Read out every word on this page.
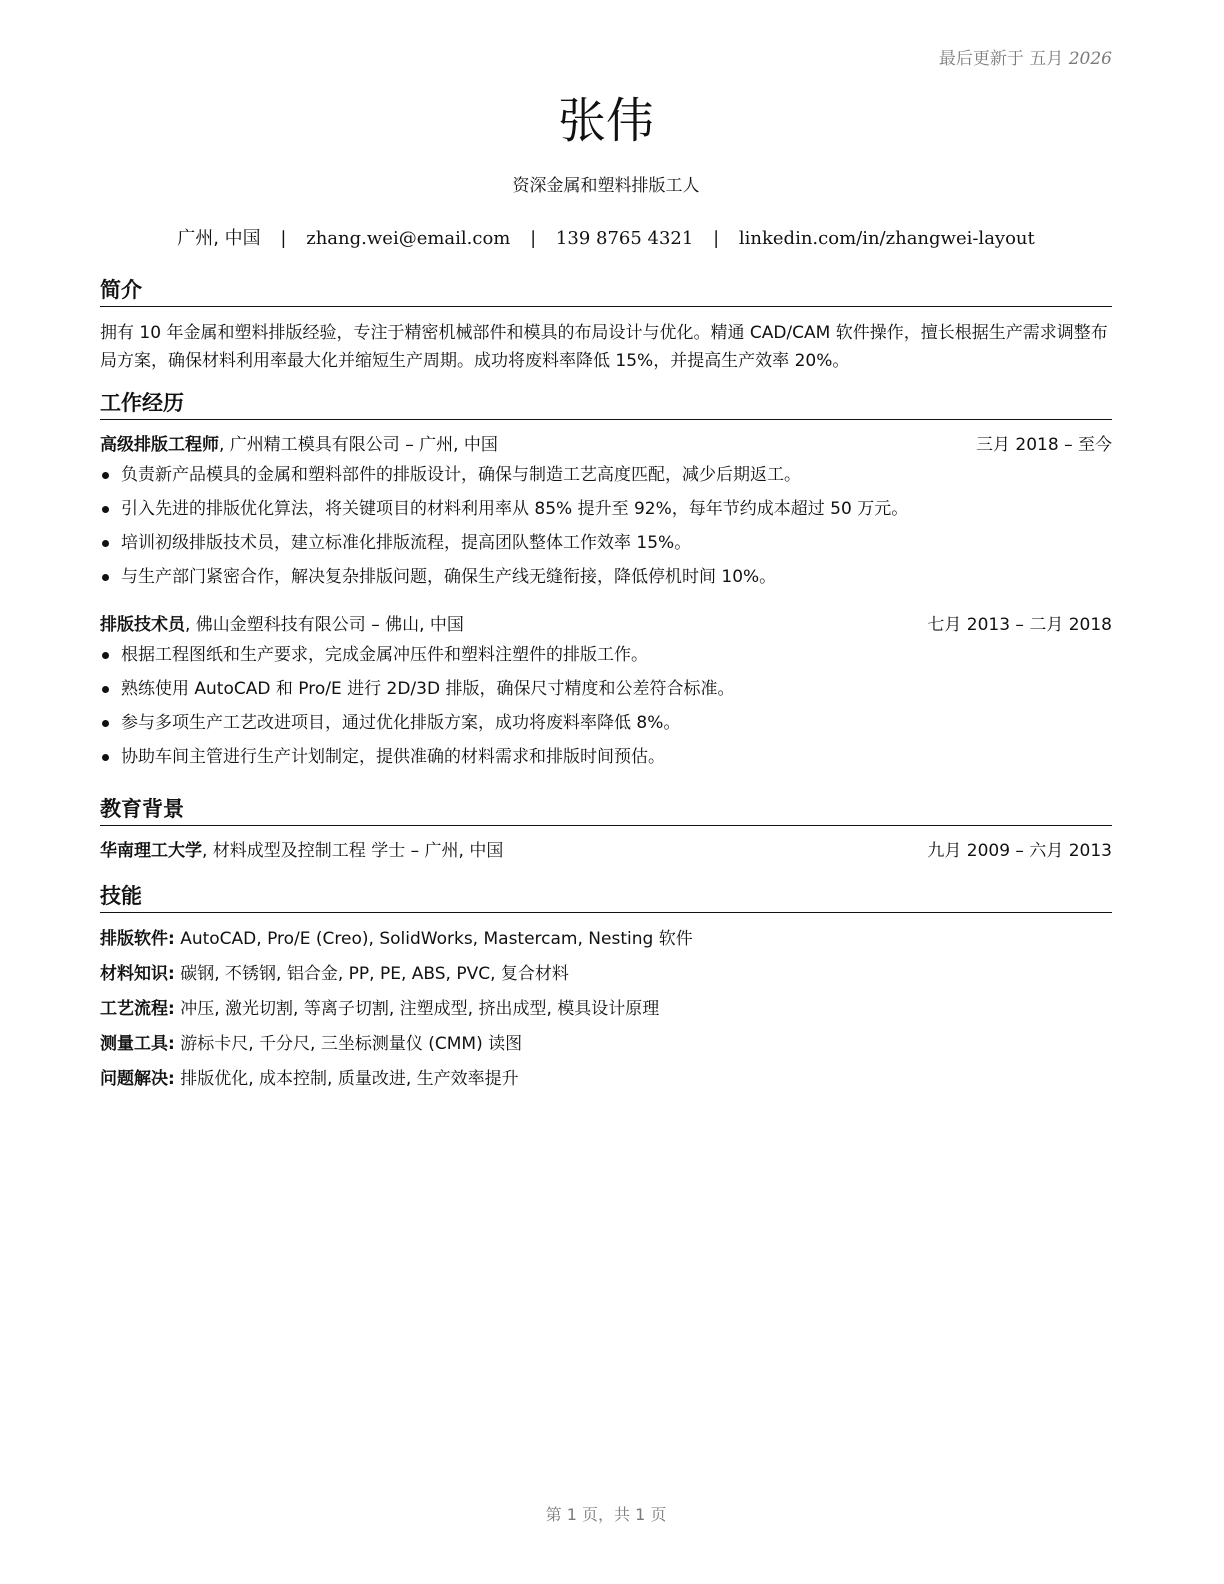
最后更新于 五月 2026
张伟
资深金属和塑料排版工人
广州, 中国 | zhang.wei@email.com | 139 8765 4321 | linkedin.com/in/zhangwei-layout
简介
拥有 10 年金属和塑料排版经验，专注于精密机械部件和模具的布局设计与优化。精通 CAD/CAM 软件操作，擅长根据生产需求调整布局方案，确保材料利用率最大化并缩短生产周期。成功将废料率降低 15%，并提高生产效率 20%。
工作经历
高级排版工程师, 广州精工模具有限公司 – 广州, 中国	三月 2018 – 至今
负责新产品模具的金属和塑料部件的排版设计，确保与制造工艺高度匹配，减少后期返工。
引入先进的排版优化算法，将关键项目的材料利用率从 85% 提升至 92%，每年节约成本超过 50 万元。
培训初级排版技术员，建立标准化排版流程，提高团队整体工作效率 15%。
与生产部门紧密合作，解决复杂排版问题，确保生产线无缝衔接，降低停机时间 10%。
排版技术员, 佛山金塑科技有限公司 – 佛山, 中国	七月 2013 – 二月 2018
根据工程图纸和生产要求，完成金属冲压件和塑料注塑件的排版工作。
熟练使用 AutoCAD 和 Pro/E 进行 2D/3D 排版，确保尺寸精度和公差符合标准。
参与多项生产工艺改进项目，通过优化排版方案，成功将废料率降低 8%。
协助车间主管进行生产计划制定，提供准确的材料需求和排版时间预估。
教育背景
华南理工大学, 材料成型及控制工程 学士 – 广州, 中国	九月 2009 – 六月 2013
技能
排版软件: AutoCAD, Pro/E (Creo), SolidWorks, Mastercam, Nesting 软件
材料知识: 碳钢, 不锈钢, 铝合金, PP, PE, ABS, PVC, 复合材料
工艺流程: 冲压, 激光切割, 等离子切割, 注塑成型, 挤出成型, 模具设计原理
测量工具: 游标卡尺, 千分尺, 三坐标测量仪 (CMM) 读图
问题解决: 排版优化, 成本控制, 质量改进, 生产效率提升
第 1 页，共 1 页
